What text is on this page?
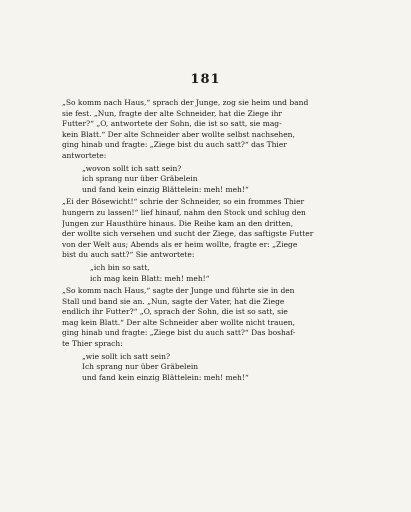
181
„So komm nach Haus,“ sprach der Junge, zog sie heim und band
sie fest. „Nun, fragte der alte Schneider, hat die Ziege ihr
Futter?“ „O, antwortete der Sohn, die ist so satt, sie mag-
kein Blatt.“ Der alte Schneider aber wollte selbst nachsehen,
ging hinab und fragte: „Ziege bist du auch satt?“ das Thier
antwortete:
„wovon sollt ich satt sein?
ich sprang nur über Gräbelein
und fand kein einzig Blättelein: meh! meh!“
„Ei der Bösewicht!“ schrie der Schneider, so ein frommes Thier
hungern zu lassen!“ lief hinauf, nahm den Stock und schlug den
Jungen zur Hausthüre hinaus. Die Reihe kam an den dritten,
der wollte sich versehen und sucht der Ziege, das saftigste Futter
von der Welt aus; Abends als er heim wollte, fragte er: „Ziege
bist du auch satt?“ Sie antwortete:
„ich bin so satt,
ich mag kein Blatt: meh! meh!“
„So komm nach Haus,“ sagte der Junge und führte sie in den
Stall und band sie an. „Nun, sagte der Vater, hat die Ziege
endlich ihr Futter?“ „O, sprach der Sohn, die ist so satt, sie
mag kein Blatt.“ Der alte Schneider aber wollte nicht trauen,
ging hinab und fragte: „Ziege bist du auch satt?“ Das boshaf-
te Thier sprach:
„wie sollt ich satt sein?
Ich sprang nur über Gräbelein
und fand kein einzig Blättelein: meh! meh!“
